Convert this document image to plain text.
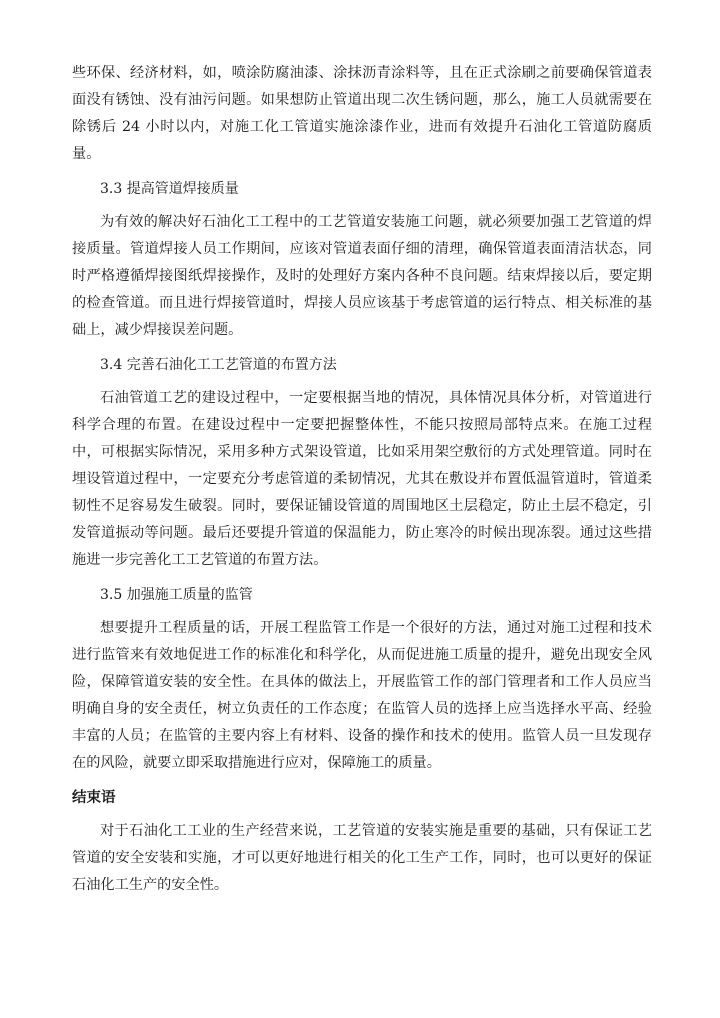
些环保、经济材料，如，喷涂防腐油漆、涂抹沥青涂料等，且在正式涂刷之前要确保管道表面没有锈蚀、没有油污问题。如果想防止管道出现二次生锈问题，那么，施工人员就需要在除锈后 24 小时以内，对施工化工管道实施涂漆作业，进而有效提升石油化工管道防腐质量。

3.3 提高管道焊接质量

为有效的解决好石油化工工程中的工艺管道安装施工问题，就必须要加强工艺管道的焊接质量。管道焊接人员工作期间，应该对管道表面仔细的清理，确保管道表面清洁状态，同时严格遵循焊接图纸焊接操作，及时的处理好方案内各种不良问题。结束焊接以后，要定期的检查管道。而且进行焊接管道时，焊接人员应该基于考虑管道的运行特点、相关标准的基础上，减少焊接误差问题。

3.4 完善石油化工工艺管道的布置方法

石油管道工艺的建设过程中，一定要根据当地的情况，具体情况具体分析，对管道进行科学合理的布置。在建设过程中一定要把握整体性，不能只按照局部特点来。在施工过程中，可根据实际情况，采用多种方式架设管道，比如采用架空敷衍的方式处理管道。同时在埋设管道过程中，一定要充分考虑管道的柔韧情况，尤其在敷设并布置低温管道时，管道柔韧性不足容易发生破裂。同时，要保证铺设管道的周围地区土层稳定，防止土层不稳定，引发管道振动等问题。最后还要提升管道的保温能力，防止寒冷的时候出现冻裂。通过这些措施进一步完善化工工艺管道的布置方法。

3.5 加强施工质量的监管

想要提升工程质量的话，开展工程监管工作是一个很好的方法，通过对施工过程和技术进行监管来有效地促进工作的标准化和科学化，从而促进施工质量的提升，避免出现安全风险，保障管道安装的安全性。在具体的做法上，开展监管工作的部门管理者和工作人员应当明确自身的安全责任，树立负责任的工作态度；在监管人员的选择上应当选择水平高、经验丰富的人员；在监管的主要内容上有材料、设备的操作和技术的使用。监管人员一旦发现存在的风险，就要立即采取措施进行应对，保障施工的质量。

结束语

对于石油化工工业的生产经营来说，工艺管道的安装实施是重要的基础，只有保证工艺管道的安全安装和实施，才可以更好地进行相关的化工生产工作，同时，也可以更好的保证石油化工生产的安全性。
